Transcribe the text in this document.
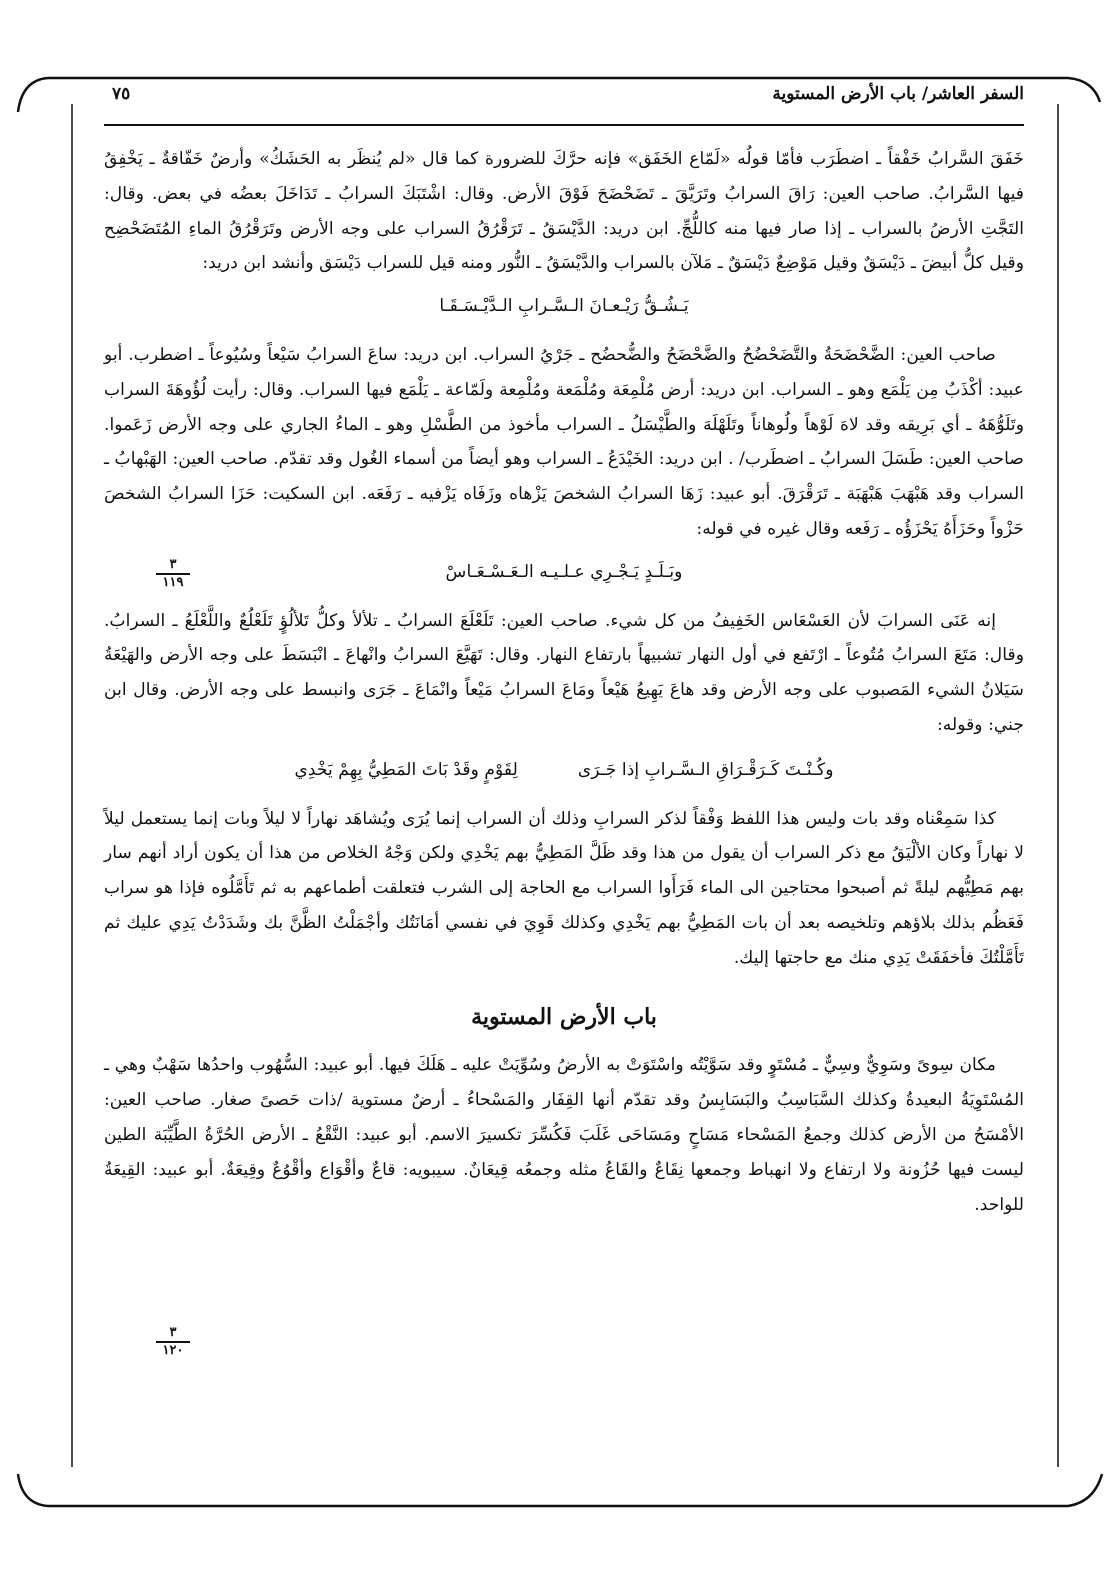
السفر العاشر/ باب الأرض المستوية
٧٥
٣
١١٩
٣
١٢٠

خَفَقَ السَّرابُ خَفْقاً ـ اضطَرَب فأمّا قولُه «لَمّاع الخَفَق» فإنه حرَّكَ للضرورة كما قال «لم يُنظَر به الحَشَكُ» وأرضٌ خَفّاقةٌ ـ يَخْفِقُ فيها السَّرابُ. صاحب العين: رَاقَ السرابُ وتَرَيَّقَ ـ تَضَحْضَحَ فَوْقَ الأرض. وقال: اشْتَبَكَ السرابُ ـ تَدَاخَلَ بعضُه في بعض. وقال: التَجَّتِ الأرضُ بالسراب ـ إذا صار فيها منه كاللُّجِّ. ابن دريد: الدَّيْسَقُ ـ تَرَقْرُقُ السراب على وجه الأرض وتَرَقْرُقُ الماءِ المُتَضَحْضِح وقيل كلُّ أبيضَ ـ دَيْسَقٌ وقيل مَوْضِعٌ دَيْسَقٌ ـ مَلآن بالسراب والدَّيْسَقُ ـ النُّور ومنه قيل للسراب دَيْسَق وأنشد ابن دريد:

يَـشُـقُّ رَيْـعـانَ الـسَّـرابِ الـدَّيْـسَـقَـا

صاحب العين: الضَّحْضَحَةُ والتَّضَحْضُحُ والضَّحْضَحُ والضُّحضُح ـ جَرْيُ السراب. ابن دريد: ساعَ السرابُ سَيْعاً وسُيُوعاً ـ اضطرب. أبو عبيد: أكْذَبُ مِن يَلْمَع وهو ـ السراب. ابن دريد: أرض مُلْمِعَة ومُلْمَعة ومُلْمِعة ولَمّاعة ـ يَلْمَع فيها السراب. وقال: رأيت لُؤُوهَةَ السراب وتَلَوُّهَهُ ـ أي بَرِيقه وقد لاهَ لَوْهاً ولُوهاناً وتَلَهْلَهَ والطَّيْسَلُ ـ السراب مأخوذ من الطَّسْلِ وهو ـ الماءُ الجاري على وجه الأرض زَعَموا. صاحب العين: طَسَلَ السرابُ ـ اضطَرب/ . ابن دريد: الخَيْدَعُ ـ السراب وهو أيضاً من أسماء الغُول وقد تقدّم. صاحب العين: الهَبْهابُ ـ السراب وقد هَبْهَبَ هَبْهَبَة ـ تَرَقْرَقَ. أبو عبيد: زَهَا السرابُ الشخصَ يَزْهاه وزَفَاه يَزْفيه ـ رَفَعَه. ابن السكيت: حَزَا السرابُ الشخصَ حَزْواً وحَزَأَهُ يَحْزَؤُه ـ رَفَعه وقال غيره في قوله:

وبَـلَـدٍ يَـجْـرِي عـلـيـه الـعَـسْـعَـاسْ

إنه عَنَى السرابَ لأن العَسْعَاس الخَفِيفُ من كل شيء. صاحب العين: تَلَعْلَعَ السرابُ ـ تلألأ وكلُّ تَلألُؤٍ تَلَعْلُعٌ واللَّعْلَعُ ـ السرابُ. وقال: مَتَعَ السرابُ مُتُوعاً ـ ارْتَفع في أول النهار تشبيهاً بارتفاع النهار. وقال: تَهَيَّعَ السرابُ وانْهاعَ ـ انْبَسَطَ على وجه الأرض والهَيْعَةُ سَيَلانُ الشيء المَصبوب على وجه الأرض وقد هاعَ يَهِيعُ هَيْعاً ومَاعَ السرابُ مَيْعاً وانْمَاعَ ـ جَرَى وانبسط على وجه الأرض. وقال ابن جني: وقوله:

وكُـنْـتَ كَـرَقْـرَاقِ الـسَّـرابِ إذا جَـرَى
لِقَوْمٍ وقَدْ بَاتَ المَطِيُّ بِهِمْ يَخْدِي

كذا سَمِعْناه وقد بات وليس هذا اللفظ وَفْقاً لذكر السرابِ وذلك أن السراب إنما يُرَى ويُشاهَد نهاراً لا ليلاً وبات إنما يستعمل ليلاً لا نهاراً وكان الألْيَقُ مع ذكر السراب أن يقول من هذا وقد ظَلَّ المَطِيُّ بهم يَخْدِي ولكن وَجْهُ الخلاص من هذا أن يكون أراد أنهم سار بهم مَطِيُّهم ليلةً ثم أصبحوا محتاجين الى الماء فَرَأَوا السراب مع الحاجة إلى الشرب فتعلقت أطماعهم به ثم تَأَمَّلُوه فإذا هو سراب فَعَظُم بذلك بلاؤهم وتلخيصه بعد أن بات المَطِيُّ بهم يَخْدِي وكذلك قَوِيَ في نفسي أمَانَتُك وأجْمَلْتُ الظَّنَّ بك وشَدَدْتُ يَدِي عليك ثم تَأَمَّلْتُكَ فأخفَقَتْ يَدِي منك مع حاجتها إليك.

باب الأرض المستوية

مكان سِوىً وسَوِيٌّ وسِيٌّ ـ مُسْتَوٍ وقد سَوَّيْتُه واسْتَوَتْ به الأرضُ وسُوِّيَتْ عليه ـ هَلَكَ فيها. أبو عبيد: السُّهُوب واحدُها سَهْبٌ وهي ـ المُسْتَوِيَةُ البعيدةُ وكذلك السَّبَاسِبُ والبَسَابِسُ وقد تقدّم أنها القِفَار والمَسْحاءُ ـ أرضٌ مستوية /ذات حَصىً صغار. صاحب العين: الأمْسَحُ من الأرض كذلك وجمعُ المَسْحاء مَسَاحٍ ومَسَاحَى غَلَبَ فَكُسِّرَ تكسيرَ الاسم. أبو عبيد: النَّقْعُ ـ الأرض الحُرَّةُ الطَّيِّبَة الطين ليست فيها حُزُونة ولا ارتفاع ولا انهباط وجمعها نِقَاعٌ والقَاعُ مثله وجمعُه قِيعَانٌ. سيبويه: قاعٌ وأقْوَاع وأقْوُعٌ وقِيعَةٌ. أبو عبيد: القِيعَةُ للواحد.
